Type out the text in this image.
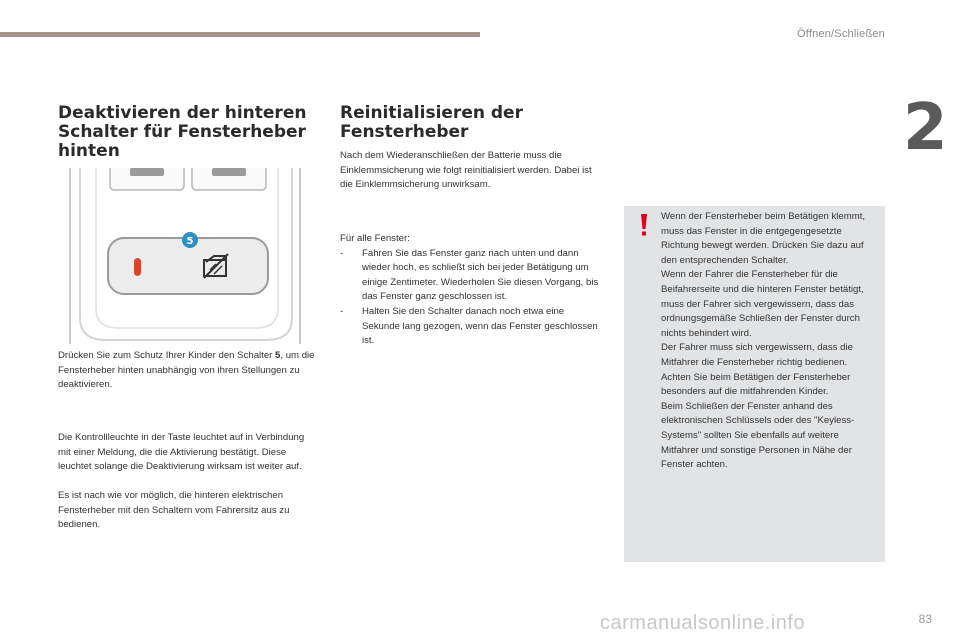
Öffnen/Schließen
2
Deaktivieren der hinteren Schalter für Fensterheber hinten
5

Drücken Sie zum Schutz Ihrer Kinder den Schalter 5, um die Fensterheber hinten unabhängig von ihren Stellungen zu deaktivieren.

Die Kontrollleuchte in der Taste leuchtet auf in Verbindung mit einer Meldung, die die Aktivierung bestätigt. Diese leuchtet solange die Deaktivierung wirksam ist weiter auf.

Es ist nach wie vor möglich, die hinteren elektrischen Fensterheber mit den Schaltern vom Fahrersitz aus zu bedienen.

Reinitialisieren der Fensterheber

Nach dem Wiederanschließen der Batterie muss die Einklemmsicherung wie folgt reinitialisiert werden. Dabei ist die Einklemmsicherung unwirksam.

Für alle Fenster:
- Fahren Sie das Fenster ganz nach unten und dann wieder hoch, es schließt sich bei jeder Betätigung um einige Zentimeter. Wiederholen Sie diesen Vorgang, bis das Fenster ganz geschlossen ist.
- Halten Sie den Schalter danach noch etwa eine Sekunde lang gezogen, wenn das Fenster geschlossen ist.
Wenn der Fensterheber beim Betätigen klemmt, muss das Fenster in die entgegengesetzte Richtung bewegt werden. Drücken Sie dazu auf den entsprechenden Schalter.
Wenn der Fahrer die Fensterheber für die Beifahrerseite und die hinteren Fenster betätigt, muss der Fahrer sich vergewissern, dass das ordnungsgemäße Schließen der Fenster durch nichts behindert wird.
Der Fahrer muss sich vergewissern, dass die Mitfahrer die Fensterheber richtig bedienen.
Achten Sie beim Betätigen der Fensterheber besonders auf die mitfahrenden Kinder.
Beim Schließen der Fenster anhand des elektronischen Schlüssels oder des "Keyless-Systems" sollten Sie ebenfalls auf weitere Mitfahrer und sonstige Personen in Nähe der Fenster achten.
carmanualsonline.info	83
